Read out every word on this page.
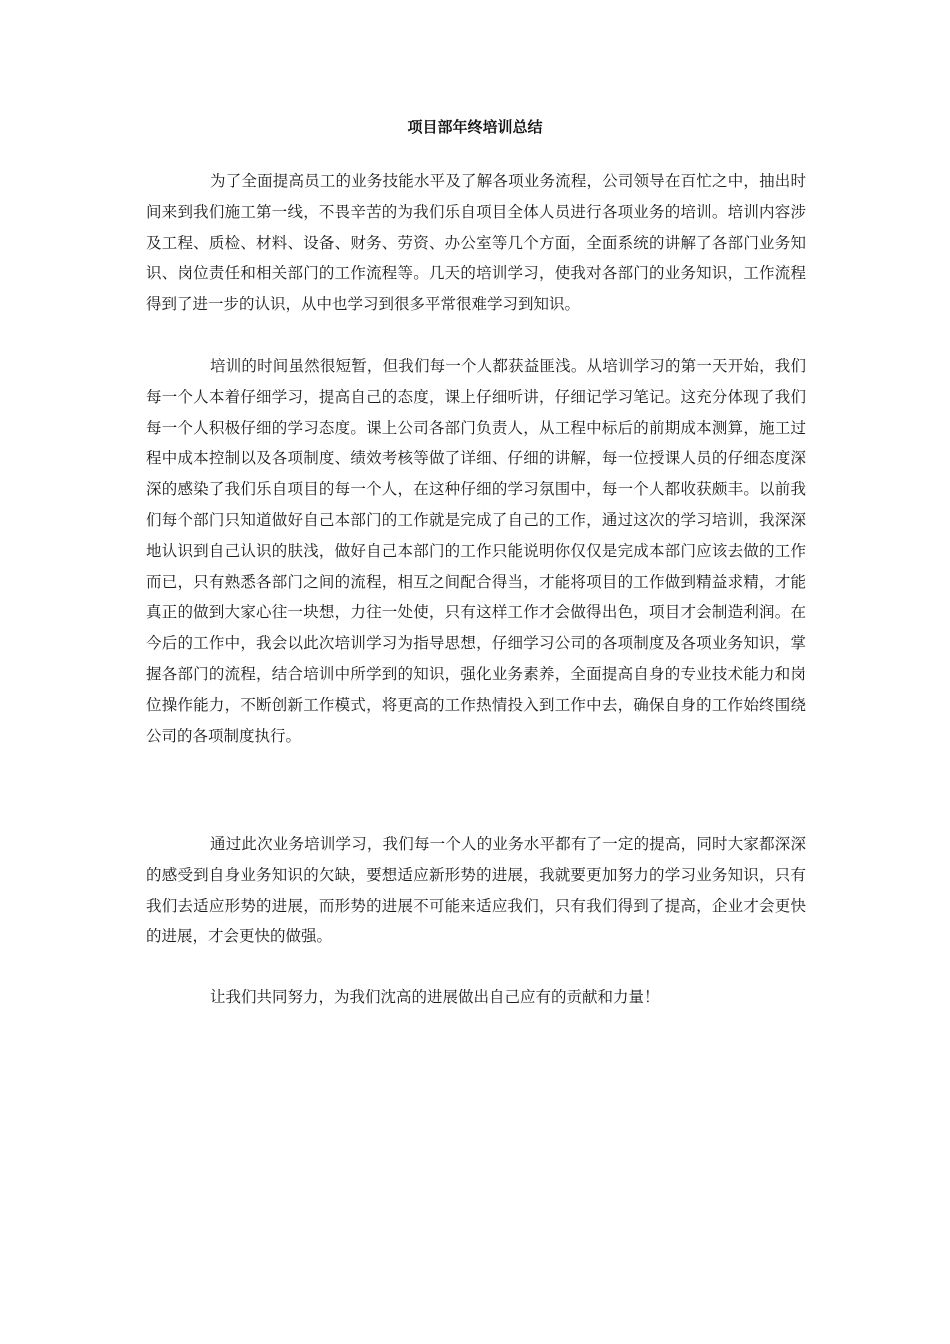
项目部年终培训总结

为了全面提高员工的业务技能水平及了解各项业务流程，公司领导在百忙之中，抽出时间来到我们施工第一线，不畏辛苦的为我们乐自项目全体人员进行各项业务的培训。培训内容涉及工程、质检、材料、设备、财务、劳资、办公室等几个方面，全面系统的讲解了各部门业务知识、岗位责任和相关部门的工作流程等。几天的培训学习，使我对各部门的业务知识，工作流程得到了进一步的认识，从中也学习到很多平常很难学习到知识。

培训的时间虽然很短暂，但我们每一个人都获益匪浅。从培训学习的第一天开始，我们每一个人本着仔细学习，提高自己的态度，课上仔细听讲，仔细记学习笔记。这充分体现了我们每一个人积极仔细的学习态度。课上公司各部门负责人，从工程中标后的前期成本测算，施工过程中成本控制以及各项制度、绩效考核等做了详细、仔细的讲解，每一位授课人员的仔细态度深深的感染了我们乐自项目的每一个人，在这种仔细的学习氛围中，每一个人都收获颇丰。以前我们每个部门只知道做好自己本部门的工作就是完成了自己的工作，通过这次的学习培训，我深深地认识到自己认识的肤浅，做好自己本部门的工作只能说明你仅仅是完成本部门应该去做的工作而已，只有熟悉各部门之间的流程，相互之间配合得当，才能将项目的工作做到精益求精，才能真正的做到大家心往一块想，力往一处使，只有这样工作才会做得出色，项目才会制造利润。在今后的工作中，我会以此次培训学习为指导思想，仔细学习公司的各项制度及各项业务知识，掌握各部门的流程，结合培训中所学到的知识，强化业务素养，全面提高自身的专业技术能力和岗位操作能力，不断创新工作模式，将更高的工作热情投入到工作中去，确保自身的工作始终围绕公司的各项制度执行。

通过此次业务培训学习，我们每一个人的业务水平都有了一定的提高，同时大家都深深的感受到自身业务知识的欠缺，要想适应新形势的进展，我就要更加努力的学习业务知识，只有我们去适应形势的进展，而形势的进展不可能来适应我们，只有我们得到了提高，企业才会更快的进展，才会更快的做强。

让我们共同努力，为我们沈高的进展做出自己应有的贡献和力量！
